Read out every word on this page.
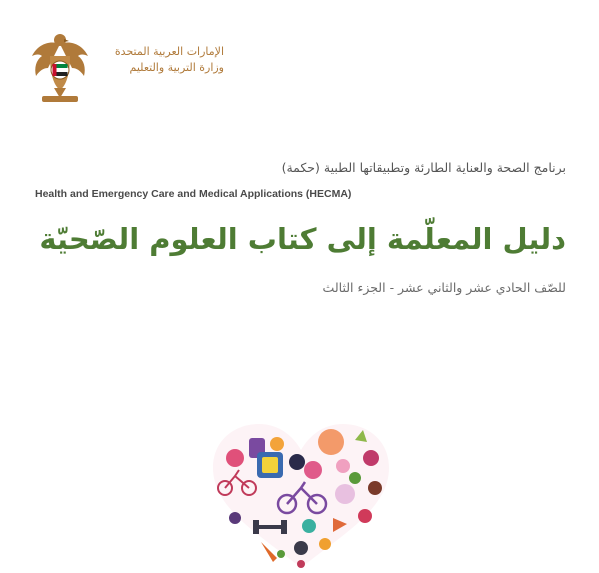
الإمارات العربية المتحدة
وزارة التربية والتعليم
برنامج الصحة والعناية الطارئة وتطبيقاتها الطبية (حكمة)
Health and Emergency Care and Medical Applications (HECMA)
دليل المعلّمة إلى كتاب العلوم الصّحيّة
للصّف الحادي عشر والثاني عشر - الجزء الثالث
